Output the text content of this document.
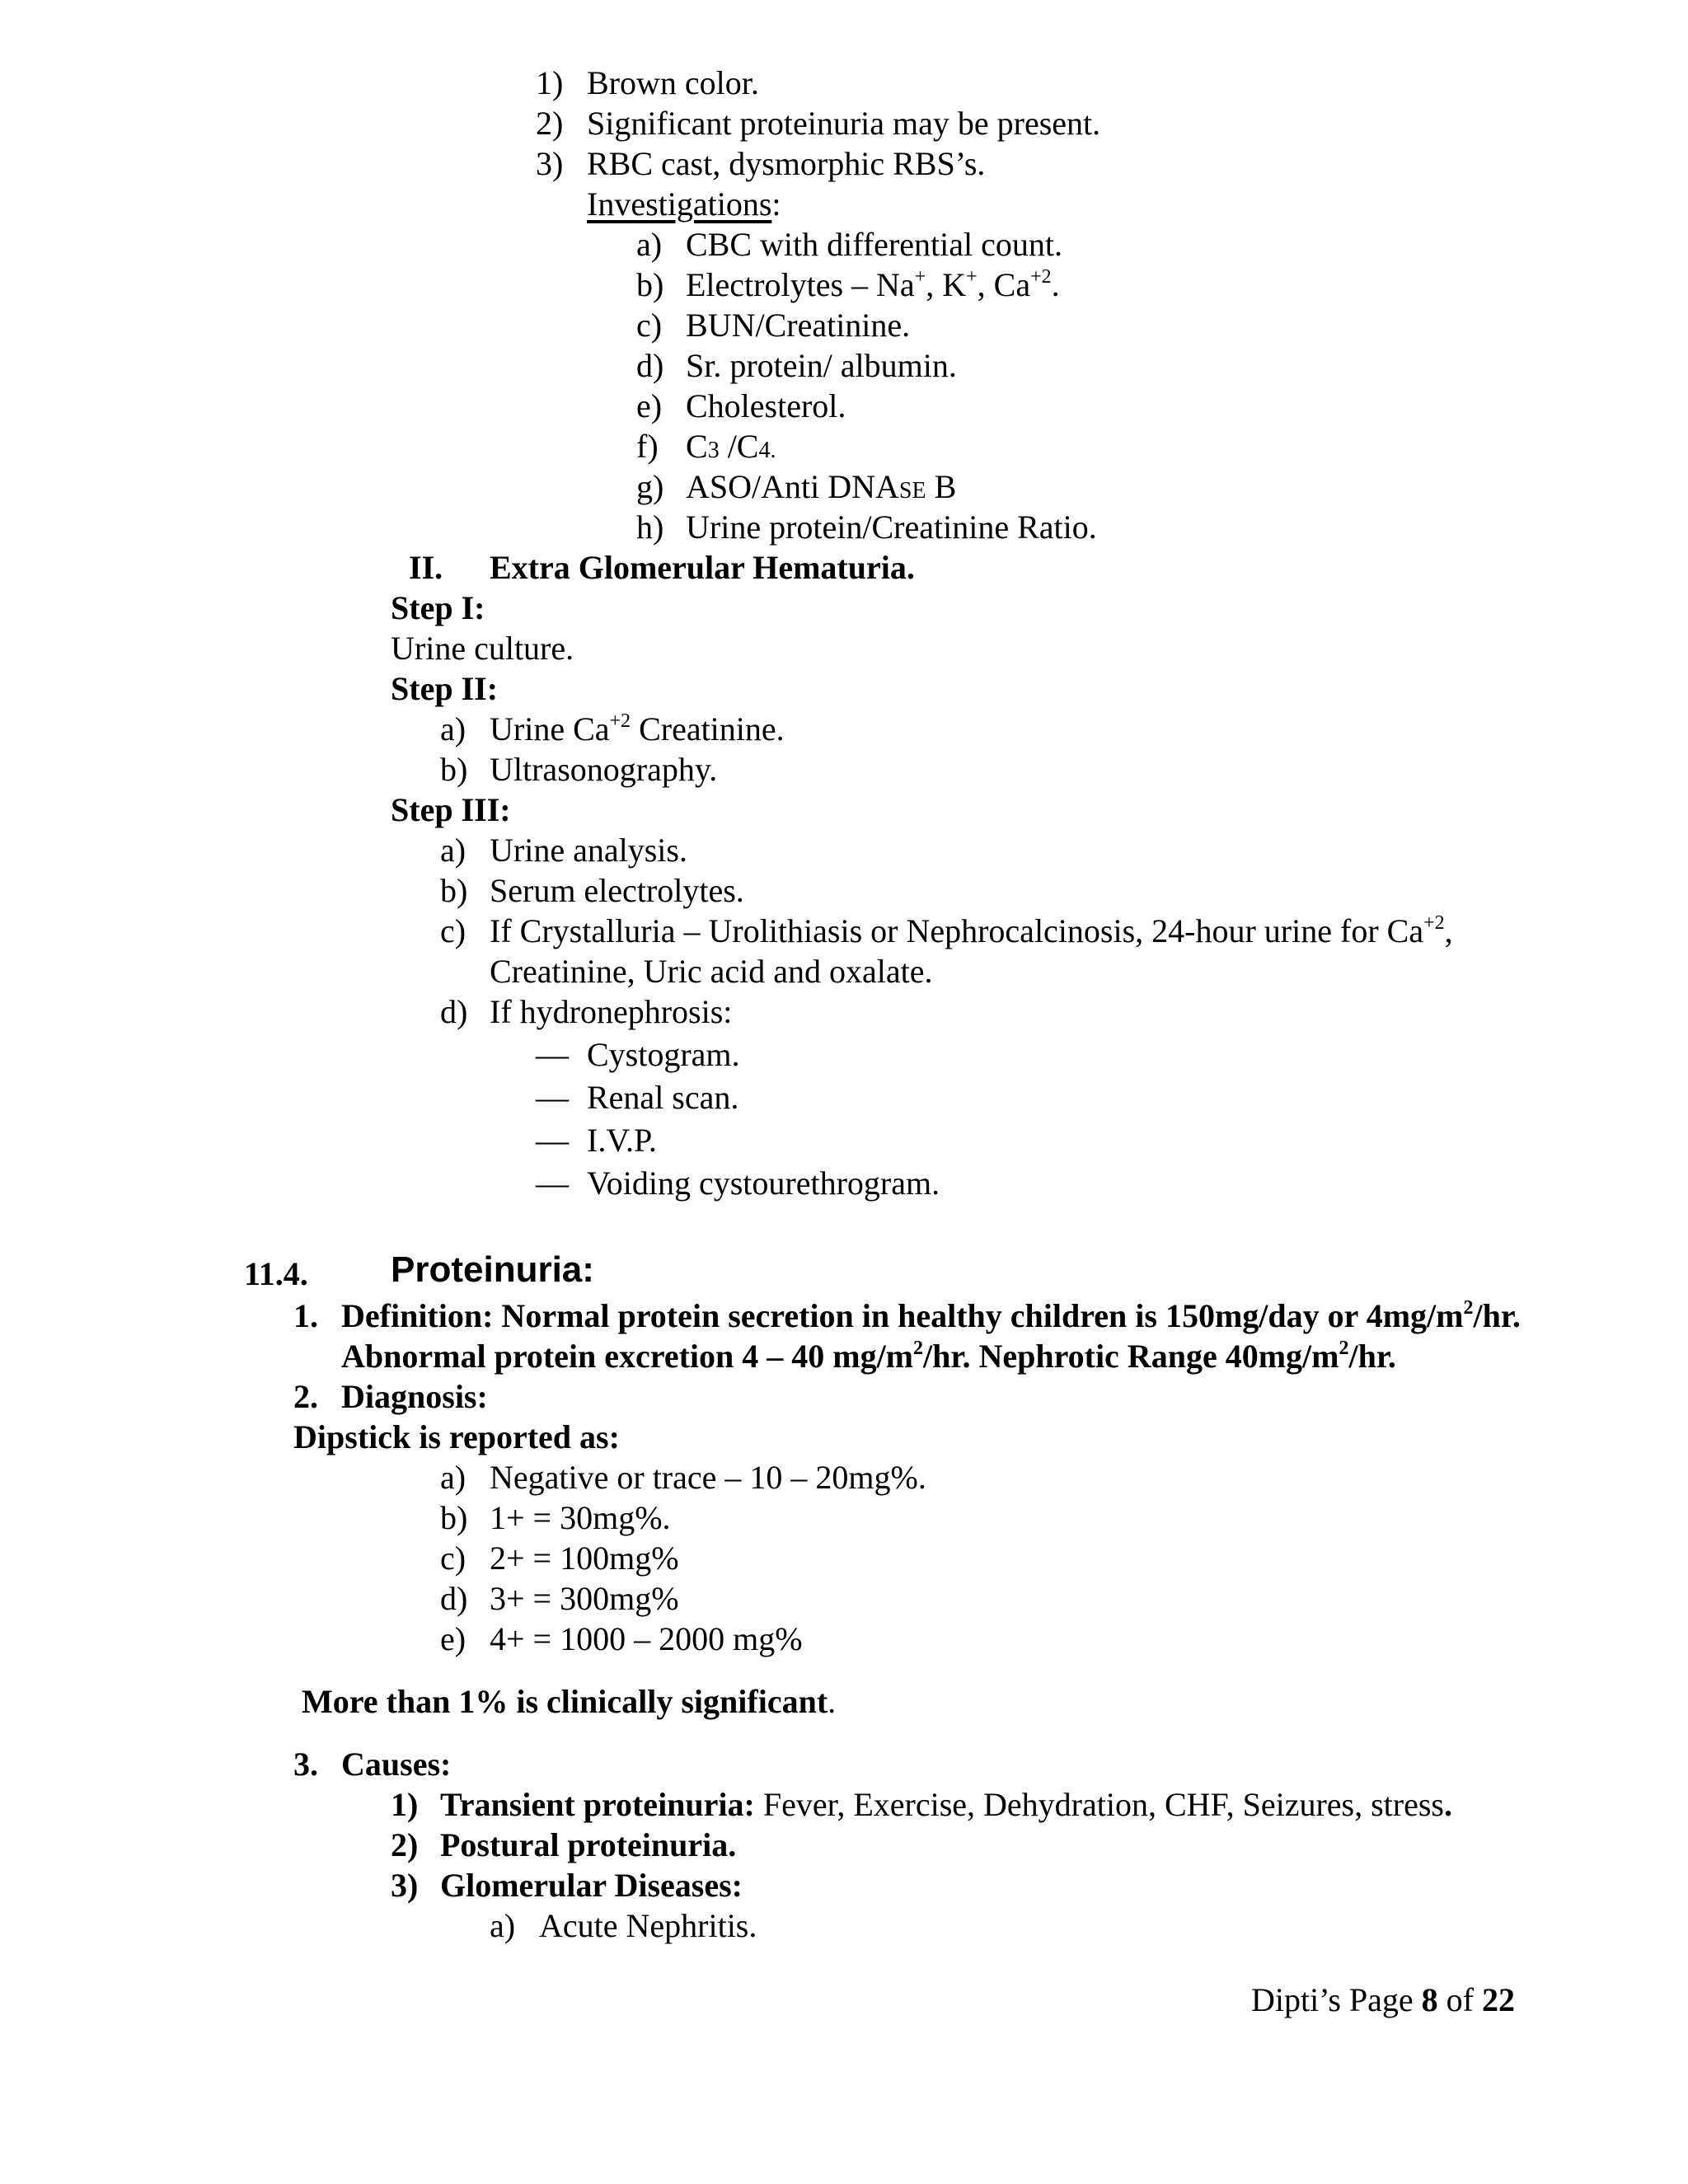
1) Brown color.
2) Significant proteinuria may be present.
3) RBC cast, dysmorphic RBS’s.
Investigations:
a) CBC with differential count.
b) Electrolytes – Na+, K+, $Ca^{+2}$.
c) BUN/Creatinine.
d) Sr. protein/ albumin.
e) Cholesterol.
f) C3 /C4.
g) ASO/Anti DNASE B
h) Urine protein/Creatinine Ratio.
II. Extra Glomerular Hematuria.
Step I:
Urine culture.
Step II:
a) Urine $Ca^{+2}$ Creatinine.
b) Ultrasonography.
Step III:
a) Urine analysis.
b) Serum electrolytes.
c) If Crystalluria – Urolithiasis or Nephrocalcinosis, 24-hour urine for $Ca^{+2}$,
Creatinine, Uric acid and oxalate.
d) If hydronephrosis:
— Cystogram.
— Renal scan.
— I.V.P.
— Voiding cystourethrogram.
11.4. Proteinuria:
1. Definition: Normal protein secretion in healthy children is 150mg/day or $4mg/m^2/hr$.
Abnormal protein excretion 4 – 40 $mg/m^2/hr$. Nephrotic Range $40mg/m^2/hr$.
2. Diagnosis:
Dipstick is reported as:
a) Negative or trace – 10 – 20mg%.
b) 1+ = 30mg%.
c) 2+ = 100mg%
d) 3+ = 300mg%
e) 4+ = 1000 – 2000 mg%
More than 1% is clinically significant.
3. Causes:
1) Transient proteinuria: Fever, Exercise, Dehydration, CHF, Seizures, stress.
2) Postural proteinuria.
3) Glomerular Diseases:
a) Acute Nephritis.
Dipti’s Page 8 of 22
